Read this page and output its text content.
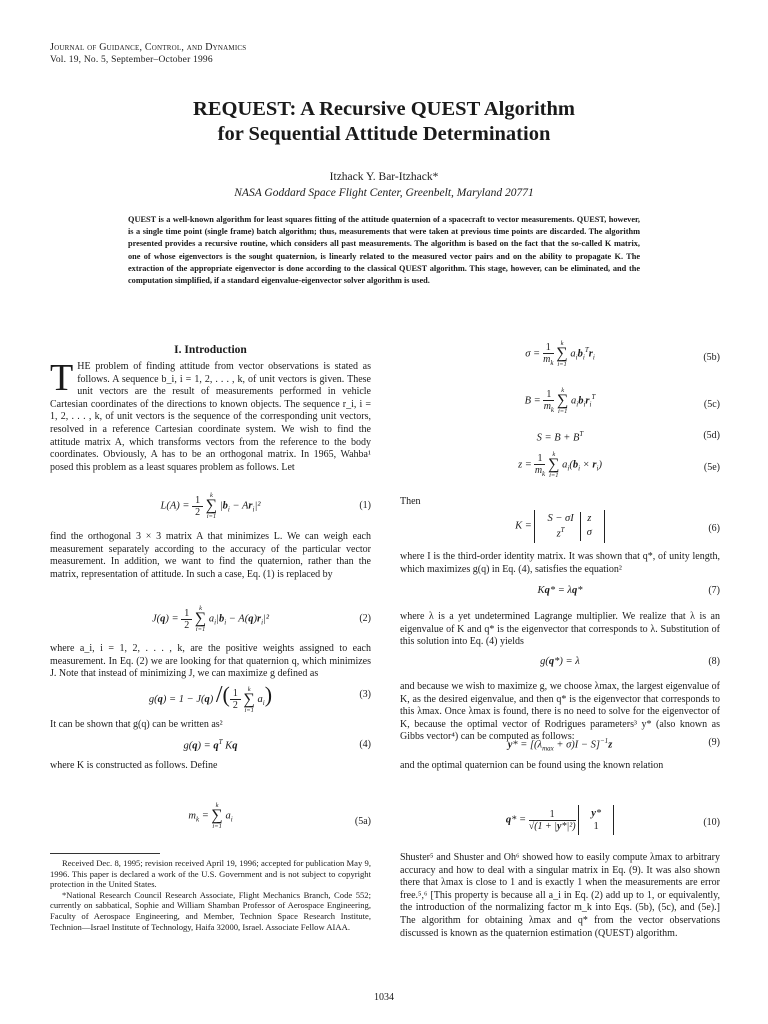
Journal of Guidance, Control, and Dynamics
Vol. 19, No. 5, September–October 1996
REQUEST: A Recursive QUEST Algorithm
for Sequential Attitude Determination
Itzhack Y. Bar-Itzhack*
NASA Goddard Space Flight Center, Greenbelt, Maryland 20771
QUEST is a well-known algorithm for least squares fitting of the attitude quaternion of a spacecraft to vector measurements. QUEST, however, is a single time point (single frame) batch algorithm; thus, measurements that were taken at previous time points are discarded. The algorithm presented provides a recursive routine, which considers all past measurements. The algorithm is based on the fact that the so-called K matrix, one of whose eigenvectors is the sought quaternion, is linearly related to the measured vector pairs and on the ability to propagate K. The extraction of the appropriate eigenvector is done according to the classical QUEST algorithm. This stage, however, can be eliminated, and the computation simplified, if a standard eigenvalue-eigenvector solver algorithm is used.
I. Introduction
THE problem of finding attitude from vector observations is stated as follows. A sequence b_i, i = 1, 2, . . . , k, of unit vectors is given. These unit vectors are the result of measurements performed in vehicle Cartesian coordinates of the directions to known objects. The sequence r_i, i = 1, 2, . . . , k, of unit vectors is the sequence of the corresponding unit vectors, resolved in a reference Cartesian coordinate system. We wish to find the attitude matrix A, which transforms vectors from the reference to the body coordinates. Obviously, A has to be an orthogonal matrix. In 1965, Wahba¹ posed this problem as a least squares problem as follows. Let
$L(A) = \frac{1}{2}$
	k
∑
i=1
$|b_i - Ar_i|^2$	(1)
find the orthogonal 3 × 3 matrix A that minimizes L. We can weigh each measurement separately according to the accuracy of the particular vector measurement. In addition, we want to find the quaternion, rather than the matrix, representation of attitude. In such a case, Eq. (1) is replaced by
$J(q) = \frac{1}{2}$
	k
∑
i=1
$a_i|b_i - A(q)r_i|^2$	(2)
where a_i, i = 1, 2, . . . , k, are the positive weights assigned to each measurement. In Eq. (2) we are looking for that quaternion q, which minimizes J. Note that instead of minimizing J, we can maximize g defined as
g(q) = 1 − J(q) /( $\frac{1}{2}$
	k
∑
i=1
$a_i$)	(3)
It can be shown that g(q) can be written as²
$g(q) = q^T$ Kq	(4)
where K is constructed as follows. Define
$m_k$ =
k
∑
i=1
$a_i$	(5a)
Received Dec. 8, 1995; revision received April 19, 1996; accepted for publication May 9, 1996. This paper is declared a work of the U.S. Government and is not subject to copyright protection in the United States.
*National Research Council Research Associate, Flight Mechanics Branch, Code 552; currently on sabbatical, Sophie and William Shamban Professor of Aerospace Engineering, Faculty of Aerospace Engineering, and Member, Technion Space Research Institute, Technion—Israel Institute of Technology, Haifa 32000, Israel. Associate Fellow AIAA.
$\sigma = \frac{1}{m_k}$
	k
∑
i=1
$a_ib_i^Tr_i$	(5b)
$B = \frac{1}{m_k}$
	k
∑
i=1
$a_ib_ir_i^T$
(5c)
$S = B + B^T$	(5d)
$z = \frac{1}{m_k}$
	k
∑
i=1
$a_i(b_i \times r_i)$	(5e)
Then
K =
S − σI	z
$z^T$	σ	(6)
where I is the third-order identity matrix. It was shown that q*, of unity length, which maximizes g(q) in Eq. (4), satisfies the equation²
Kq* = λq*	(7)
where λ is a yet undetermined Lagrange multiplier. We realize that λ is an eigenvalue of K and q* is the eigenvector that corresponds to λ. Substitution of this solution into Eq. (4) yields
g(q*) = λ	(8)
and because we wish to maximize g, we choose λmax, the largest eigenvalue of K, as the desired eigenvalue, and then q* is the eigenvector that corresponds to this λmax. Once λmax is found, there is no need to solve for the eigenvector of K, because the optimal vector of Rodrigues parameters³ y* (also known as Gibbs vector⁴) can be computed as follows:
$y* = [(\lambda_{max} + \sigma)I - S]^{-1}z$	(9)
and the optimal quaternion can be found using the known relation
$q* = \frac{1}{\text{√(1 + |y*|²)}}$
y*
1	(10)
Shuster⁵ and Shuster and Oh⁶ showed how to easily compute λmax to arbitrary accuracy and how to deal with a singular matrix in Eq. (9). It was also shown there that λmax is close to 1 and is exactly 1 when the measurements are error free.⁵,⁶ [This property is because all a_i in Eq. (2) add up to 1, or equivalently, the introduction of the normalizing factor m_k into Eqs. (5b), (5c), and (5e).] The algorithm for obtaining λmax and q* from the vector observations discussed is known as the quaternion estimation (QUEST) algorithm.
1034
